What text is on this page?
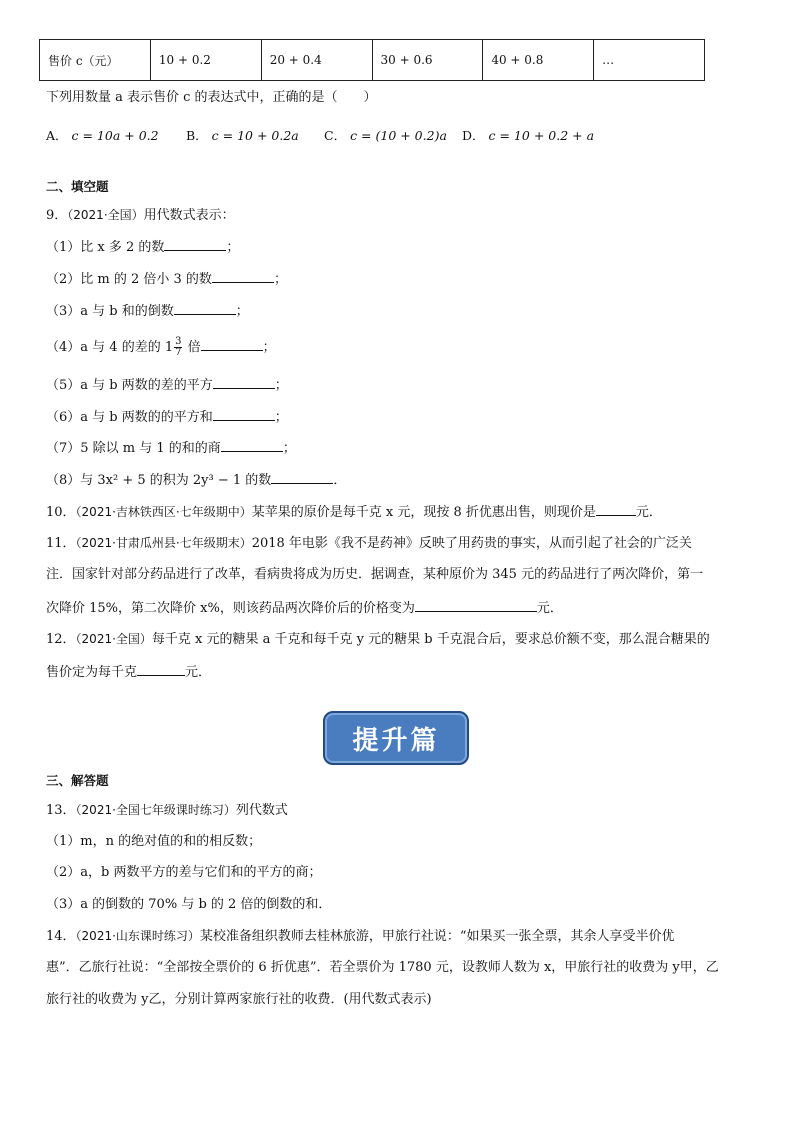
售价 c（元）	10 + 0.2	20 + 0.4	30 + 0.6	40 + 0.8	…
下列用数量 a 表示售价 c 的表达式中，正确的是（　　）
A． c = 10a + 0.2 B． c = 10 + 0.2a C． c = (10 + 0.2)a D． c = 10 + 0.2 + a
二、填空题
9．（2021·全国）用代数式表示：
（1）比 x 多 2 的数	；
（2）比 m 的 2 倍小 3 的数	；
（3）a 与 b 和的倒数	；
（4）a 与 4 的差的 $1 \frac{3}{7}$ 倍	；
（5）a 与 b 两数的差的平方	；
（6）a 与 b 两数的的平方和	；
（7）5 除以 m 与 1 的和的商	；
（8）与 3x² + 5 的积为 2y³ − 1 的数	．
10．（2021·吉林铁西区·七年级期中）某苹果的原价是每千克 x 元，现按 8 折优惠出售，则现价是	元．
11．（2021·甘肃瓜州县·七年级期末）2018 年电影《我不是药神》反映了用药贵的事实，从而引起了社会的广泛关
注．国家针对部分药品进行了改革，看病贵将成为历史．据调查，某种原价为 345 元的药品进行了两次降价，第一
次降价 15%，第二次降价 x%，则该药品两次降价后的价格变为	元．
12．（2021·全国）每千克 x 元的糖果 a 千克和每千克 y 元的糖果 b 千克混合后，要求总价额不变，那么混合糖果的
售价定为每千克	元．
提升篇
三、解答题
13．（2021·全国七年级课时练习）列代数式
（1）m，n 的绝对值的和的相反数；
（2）a，b 两数平方的差与它们和的平方的商；
（3）a 的倒数的 70% 与 b 的 2 倍的倒数的和．
14．（2021·山东课时练习）某校准备组织教师去桂林旅游，甲旅行社说：“如果买一张全票，其余人享受半价优
惠”．乙旅行社说：“全部按全票价的 6 折优惠”．若全票价为 1780 元，设教师人数为 x，甲旅行社的收费为 y甲，乙
旅行社的收费为 y乙，分别计算两家旅行社的收费．(用代数式表示)
